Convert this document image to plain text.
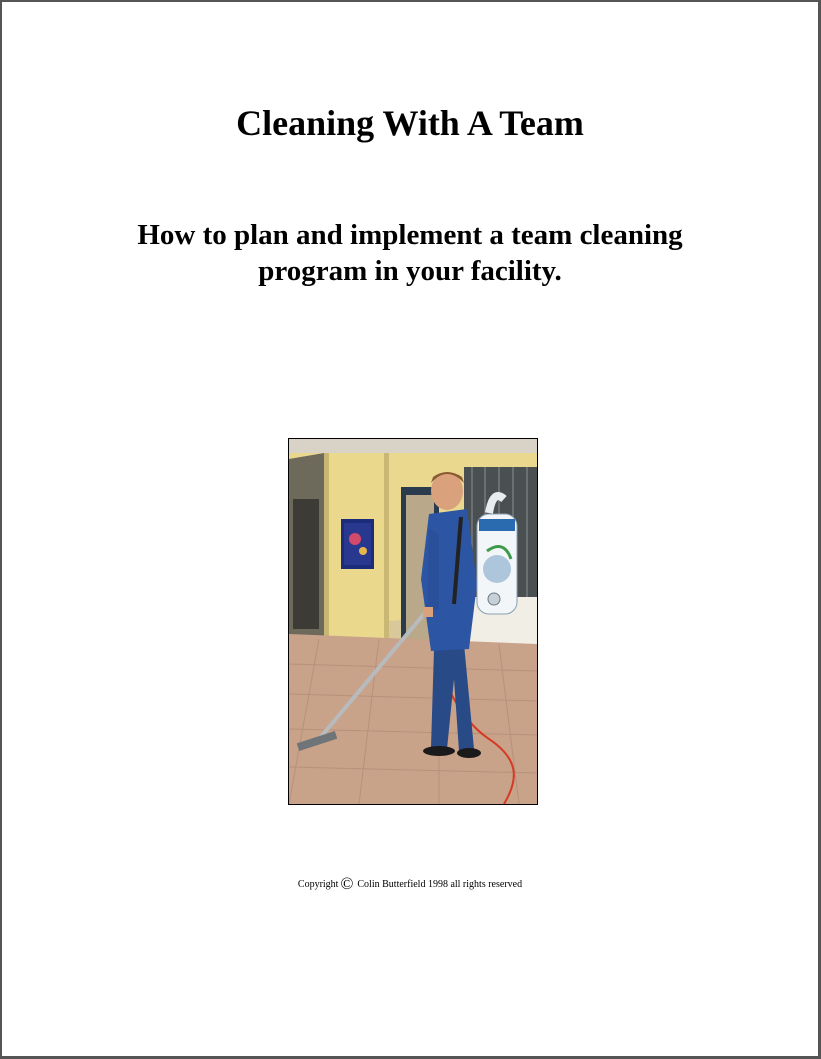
Cleaning With A Team
How to plan and implement a team cleaning
program in your facility.
Copyright © Colin Butterfield 1998 all rights reserved
